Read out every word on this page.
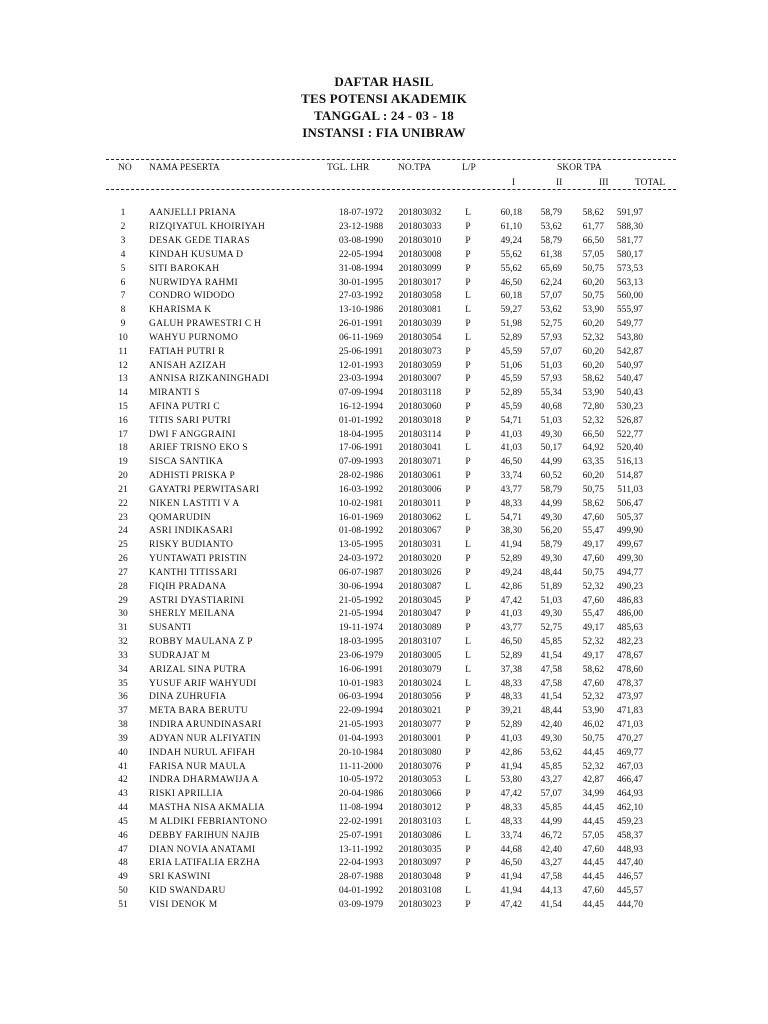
DAFTAR HASIL
TES POTENSI AKADEMIK
TANGGAL : 24 - 03 - 18
INSTANSI : FIA UNIBRAW
NO NAMA PESERTA	TGL. LHR	NO.TPA	L/P	SKOR TPA
I	II	III	TOTAL
1	AANJELLI PRIANA	18-07-1972	201803032	L	60,18	58,79	58,62	591,97
2	RIZQIYATUL KHOIRIYAH	23-12-1988	201803033	P	61,10	53,62	61,77	588,30
3	DESAK GEDE TIARAS	03-08-1990	201803010	P	49,24	58,79	66,50	581,77
4	KINDAH KUSUMA D	22-05-1994	201803008	P	55,62	61,38	57,05	580,17
5	SITI BAROKAH	31-08-1994	201803099	P	55,62	65,69	50,75	573,53
6	NURWIDYA RAHMI	30-01-1995	201803017	P	46,50	62,24	60,20	563,13
7	CONDRO WIDODO	27-03-1992	201803058	L	60,18	57,07	50,75	560,00
8	KHARISMA K	13-10-1986	201803081	L	59,27	53,62	53,90	555,97
9	GALUH PRAWESTRI C H	26-01-1991	201803039	P	51,98	52,75	60,20	549,77
10	WAHYU PURNOMO	06-11-1969	201803054	L	52,89	57,93	52,32	543,80
11	FATIAH PUTRI R	25-06-1991	201803073	P	45,59	57,07	60,20	542,87
12	ANISAH AZIZAH	12-01-1993	201803059	P	51,06	51,03	60,20	540,97
13	ANNISA RIZKANINGHADI	23-03-1994	201803007	P	45,59	57,93	58,62	540,47
14	MIRANTI S	07-09-1994	201803118	P	52,89	55,34	53,90	540,43
15	AFINA PUTRI C	16-12-1994	201803060	P	45,59	40,68	72,80	530,23
16	TITIS SARI PUTRI	01-01-1992	201803018	P	54,71	51,03	52,32	526,87
17	DWI F ANGGRAINI	18-04-1995	201803114	P	41,03	49,30	66,50	522,77
18	ARIEF TRISNO EKO S	17-06-1991	201803041	L	41,03	50,17	64,92	520,40
19	SISCA SANTIKA	07-09-1993	201803071	P	46,50	44,99	63,35	516,13
20	ADHISTI PRISKA P	28-02-1986	201803061	P	33,74	60,52	60,20	514,87
21	GAYATRI PERWITASARI	16-03-1992	201803006	P	43,77	58,79	50,75	511,03
22	NIKEN LASTITI V A	10-02-1981	201803011	P	48,33	44,99	58,62	506,47
23	QOMARUDIN	16-01-1969	201803062	L	54,71	49,30	47,60	505,37
24	ASRI INDIKASARI	01-08-1992	201803067	P	38,30	56,20	55,47	499,90
25	RISKY BUDIANTO	13-05-1995	201803031	L	41,94	58,79	49,17	499,67
26	YUNTAWATI PRISTIN	24-03-1972	201803020	P	52,89	49,30	47,60	499,30
27	KANTHI TITISSARI	06-07-1987	201803026	P	49,24	48,44	50,75	494,77
28	FIQIH PRADANA	30-06-1994	201803087	L	42,86	51,89	52,32	490,23
29	ASTRI DYASTIARINI	21-05-1992	201803045	P	47,42	51,03	47,60	486,83
30	SHERLY MEILANA	21-05-1994	201803047	P	41,03	49,30	55,47	486,00
31	SUSANTI	19-11-1974	201803089	P	43,77	52,75	49,17	485,63
32	ROBBY MAULANA Z P	18-03-1995	201803107	L	46,50	45,85	52,32	482,23
33	SUDRAJAT M	23-06-1979	201803005	L	52,89	41,54	49,17	478,67
34	ARIZAL SINA PUTRA	16-06-1991	201803079	L	37,38	47,58	58,62	478,60
35	YUSUF ARIF WAHYUDI	10-01-1983	201803024	L	48,33	47,58	47,60	478,37
36	DINA ZUHRUFIA	06-03-1994	201803056	P	48,33	41,54	52,32	473,97
37	META BARA BERUTU	22-09-1994	201803021	P	39,21	48,44	53,90	471,83
38	INDIRA ARUNDINASARI	21-05-1993	201803077	P	52,89	42,40	46,02	471,03
39	ADYAN NUR ALFIYATIN	01-04-1993	201803001	P	41,03	49,30	50,75	470,27
40	INDAH NURUL AFIFAH	20-10-1984	201803080	P	42,86	53,62	44,45	469,77
41	FARISA NUR MAULA	11-11-2000	201803076	P	41,94	45,85	52,32	467,03
42	INDRA DHARMAWIJA A	10-05-1972	201803053	L	53,80	43,27	42,87	466,47
43	RISKI APRILLIA	20-04-1986	201803066	P	47,42	57,07	34,99	464,93
44	MASTHA NISA AKMALIA	11-08-1994	201803012	P	48,33	45,85	44,45	462,10
45	M ALDIKI FEBRIANTONO	22-02-1991	201803103	L	48,33	44,99	44,45	459,23
46	DEBBY FARIHUN NAJIB	25-07-1991	201803086	L	33,74	46,72	57,05	458,37
47	DIAN NOVIA ANATAMI	13-11-1992	201803035	P	44,68	42,40	47,60	448,93
48	ERIA LATIFALIA ERZHA	22-04-1993	201803097	P	46,50	43,27	44,45	447,40
49	SRI KASWINI	28-07-1988	201803048	P	41,94	47,58	44,45	446,57
50	KID SWANDARU	04-01-1992	201803108	L	41,94	44,13	47,60	445,57
51	VISI DENOK M	03-09-1979	201803023	P	47,42	41,54	44,45	444,70
